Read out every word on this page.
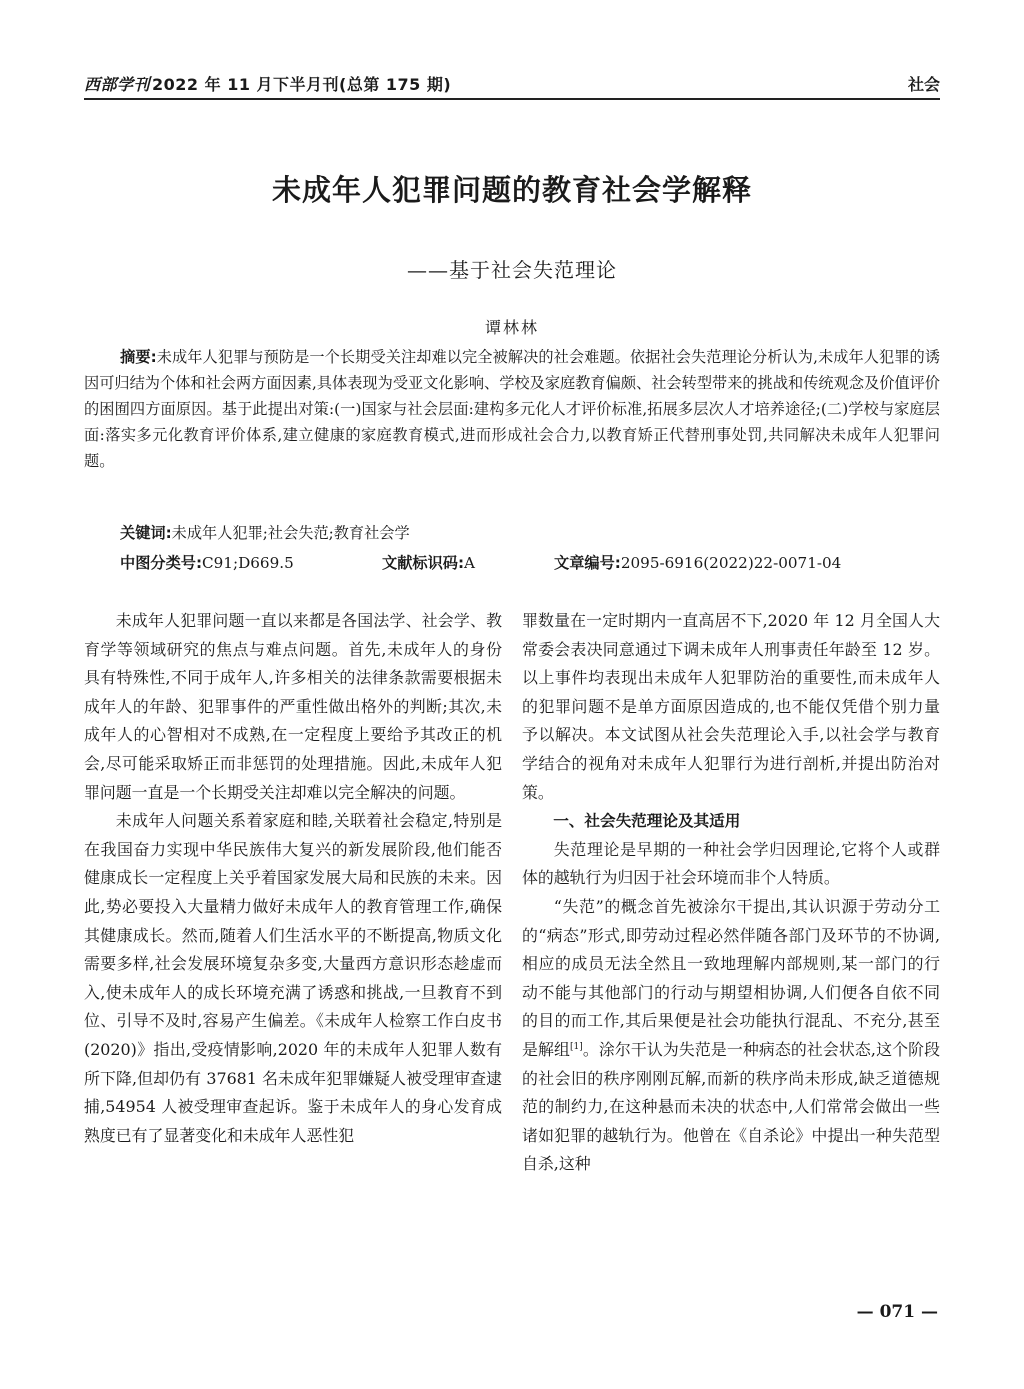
西部学刊 2022 年 11 月下半月刊(总第 175 期)	社会
未成年人犯罪问题的教育社会学解释
——基于社会失范理论
谭林林
摘要:未成年人犯罪与预防是一个长期受关注却难以完全被解决的社会难题。依据社会失范理论分析认为,未成年人犯罪的诱因可归结为个体和社会两方面因素,具体表现为受亚文化影响、学校及家庭教育偏颇、社会转型带来的挑战和传统观念及价值评价的困囿四方面原因。基于此提出对策:(一)国家与社会层面:建构多元化人才评价标准,拓展多层次人才培养途径;(二)学校与家庭层面:落实多元化教育评价体系,建立健康的家庭教育模式,进而形成社会合力,以教育矫正代替刑事处罚,共同解决未成年人犯罪问题。
关键词:未成年人犯罪;社会失范;教育社会学
中图分类号:C91;D669.5	文献标识码:A	文章编号:2095-6916(2022)22-0071-04

未成年人犯罪问题一直以来都是各国法学、社会学、教育学等领域研究的焦点与难点问题。首先,未成年人的身份具有特殊性,不同于成年人,许多相关的法律条款需要根据未成年人的年龄、犯罪事件的严重性做出格外的判断;其次,未成年人的心智相对不成熟,在一定程度上要给予其改正的机会,尽可能采取矫正而非惩罚的处理措施。因此,未成年人犯罪问题一直是一个长期受关注却难以完全解决的问题。

未成年人问题关系着家庭和睦,关联着社会稳定,特别是在我国奋力实现中华民族伟大复兴的新发展阶段,他们能否健康成长一定程度上关乎着国家发展大局和民族的未来。因此,势必要投入大量精力做好未成年人的教育管理工作,确保其健康成长。然而,随着人们生活水平的不断提高,物质文化需要多样,社会发展环境复杂多变,大量西方意识形态趁虚而入,使未成年人的成长环境充满了诱惑和挑战,一旦教育不到位、引导不及时,容易产生偏差。《未成年人检察工作白皮书(2020)》指出,受疫情影响,2020 年的未成年人犯罪人数有所下降,但却仍有 37681 名未成年犯罪嫌疑人被受理审查逮捕,54954 人被受理审查起诉。鉴于未成年人的身心发育成熟度已有了显著变化和未成年人恶性犯

罪数量在一定时期内一直高居不下,2020 年 12 月全国人大常委会表决同意通过下调未成年人刑事责任年龄至 12 岁。以上事件均表现出未成年人犯罪防治的重要性,而未成年人的犯罪问题不是单方面原因造成的,也不能仅凭借个别力量予以解决。本文试图从社会失范理论入手,以社会学与教育学结合的视角对未成年人犯罪行为进行剖析,并提出防治对策。

一、社会失范理论及其适用

失范理论是早期的一种社会学归因理论,它将个人或群体的越轨行为归因于社会环境而非个人特质。

“失范”的概念首先被涂尔干提出,其认识源于劳动分工的“病态”形式,即劳动过程必然伴随各部门及环节的不协调,相应的成员无法全然且一致地理解内部规则,某一部门的行动不能与其他部门的行动与期望相协调,人们便各自依不同的目的而工作,其后果便是社会功能执行混乱、不充分,甚至是解组[1]。涂尔干认为失范是一种病态的社会状态,这个阶段的社会旧的秩序刚刚瓦解,而新的秩序尚未形成,缺乏道德规范的制约力,在这种悬而未决的状态中,人们常常会做出一些诸如犯罪的越轨行为。他曾在《自杀论》中提出一种失范型自杀,这种

— 071 —
